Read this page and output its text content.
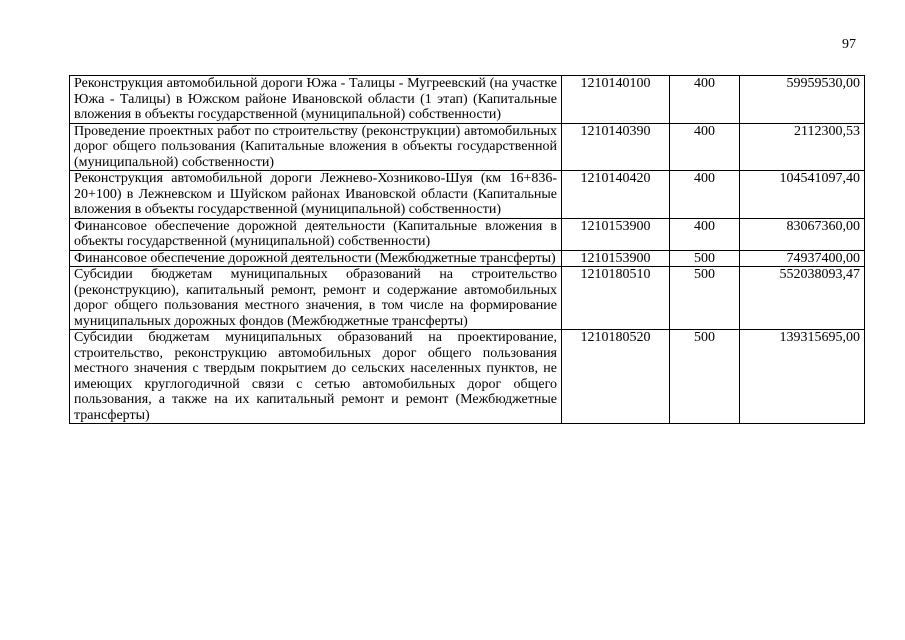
97
Реконструкция автомобильной дороги Южа - Талицы - Мугреевский (на участке Южа - Талицы) в Южском районе Ивановской области (1 этап) (Капитальные вложения в объекты государственной (муниципальной) собственности)	1210140100	400	59959530,00
Проведение проектных работ по строительству (реконструкции) автомобильных дорог общего пользования (Капитальные вложения в объекты государственной (муниципальной) собственности)	1210140390	400	2112300,53
Реконструкция автомобильной дороги Лежнево-Хозниково-Шуя (км 16+836-20+100) в Лежневском и Шуйском районах Ивановской области (Капитальные вложения в объекты государственной (муниципальной) собственности)	1210140420	400	104541097,40
Финансовое обеспечение дорожной деятельности (Капитальные вложения в объекты государственной (муниципальной) собственности)	1210153900	400	83067360,00
Финансовое обеспечение дорожной деятельности (Межбюджетные трансферты)	1210153900	500	74937400,00
Субсидии бюджетам муниципальных образований на строительство (реконструкцию), капитальный ремонт, ремонт и содержание автомобильных дорог общего пользования местного значения, в том числе на формирование муниципальных дорожных фондов (Межбюджетные трансферты)	1210180510	500	552038093,47
Субсидии бюджетам муниципальных образований на проектирование, строительство, реконструкцию автомобильных дорог общего пользования местного значения с твердым покрытием до сельских населенных пунктов, не имеющих круглогодичной связи с сетью автомобильных дорог общего пользования, а также на их капитальный ремонт и ремонт (Межбюджетные трансферты)	1210180520	500	139315695,00
